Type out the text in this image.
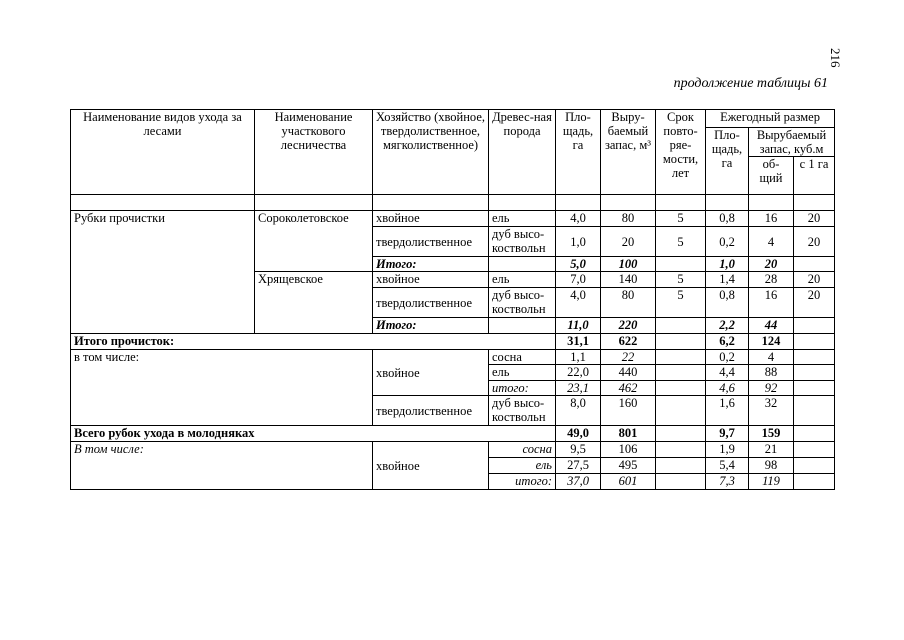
216
продолжение таблицы 61
Наименование видов ухода за лесами	Наименование участкового лесничества	Хозяйство (хвойное, твердолиственное, мягколиственное)	Древес-ная порода	Пло-щадь, га	Выру-баемый запас, м³	Срок повто-ряе-мости, лет	Ежегодный размер		
							Пло-щадь, га	Вырубаемый запас, куб.м	
								об-щий	с 1 га

Рубки прочистки	Сороколетовское	хвойное	ель	4,0	80	5	0,8	16	20
		твердолиственное	дуб высо-коствольн	1,0	20	5	0,2	4	20
		Итого:		5,0	100		1,0	20	
	Хрящевское	хвойное	ель	7,0	140	5	1,4	28	20
		твердолиственное	дуб высо-коствольн	4,0	80	5	0,8	16	20
		Итого:		11,0	220		2,2	44	
Итого прочисток:				31,1	622		6,2	124	
в том числе:		хвойное	сосна	1,1	22		0,2	4	
			ель	22,0	440		4,4	88	
			итого:	23,1	462		4,6	92	
		твердолиственное	дуб высо-коствольн	8,0	160		1,6	32	
Всего рубок ухода в молодняках				49,0	801		9,7	159	
В том числе:		хвойное	сосна	9,5	106		1,9	21	
			ель	27,5	495		5,4	98	
			итого:	37,0	601		7,3	119	
